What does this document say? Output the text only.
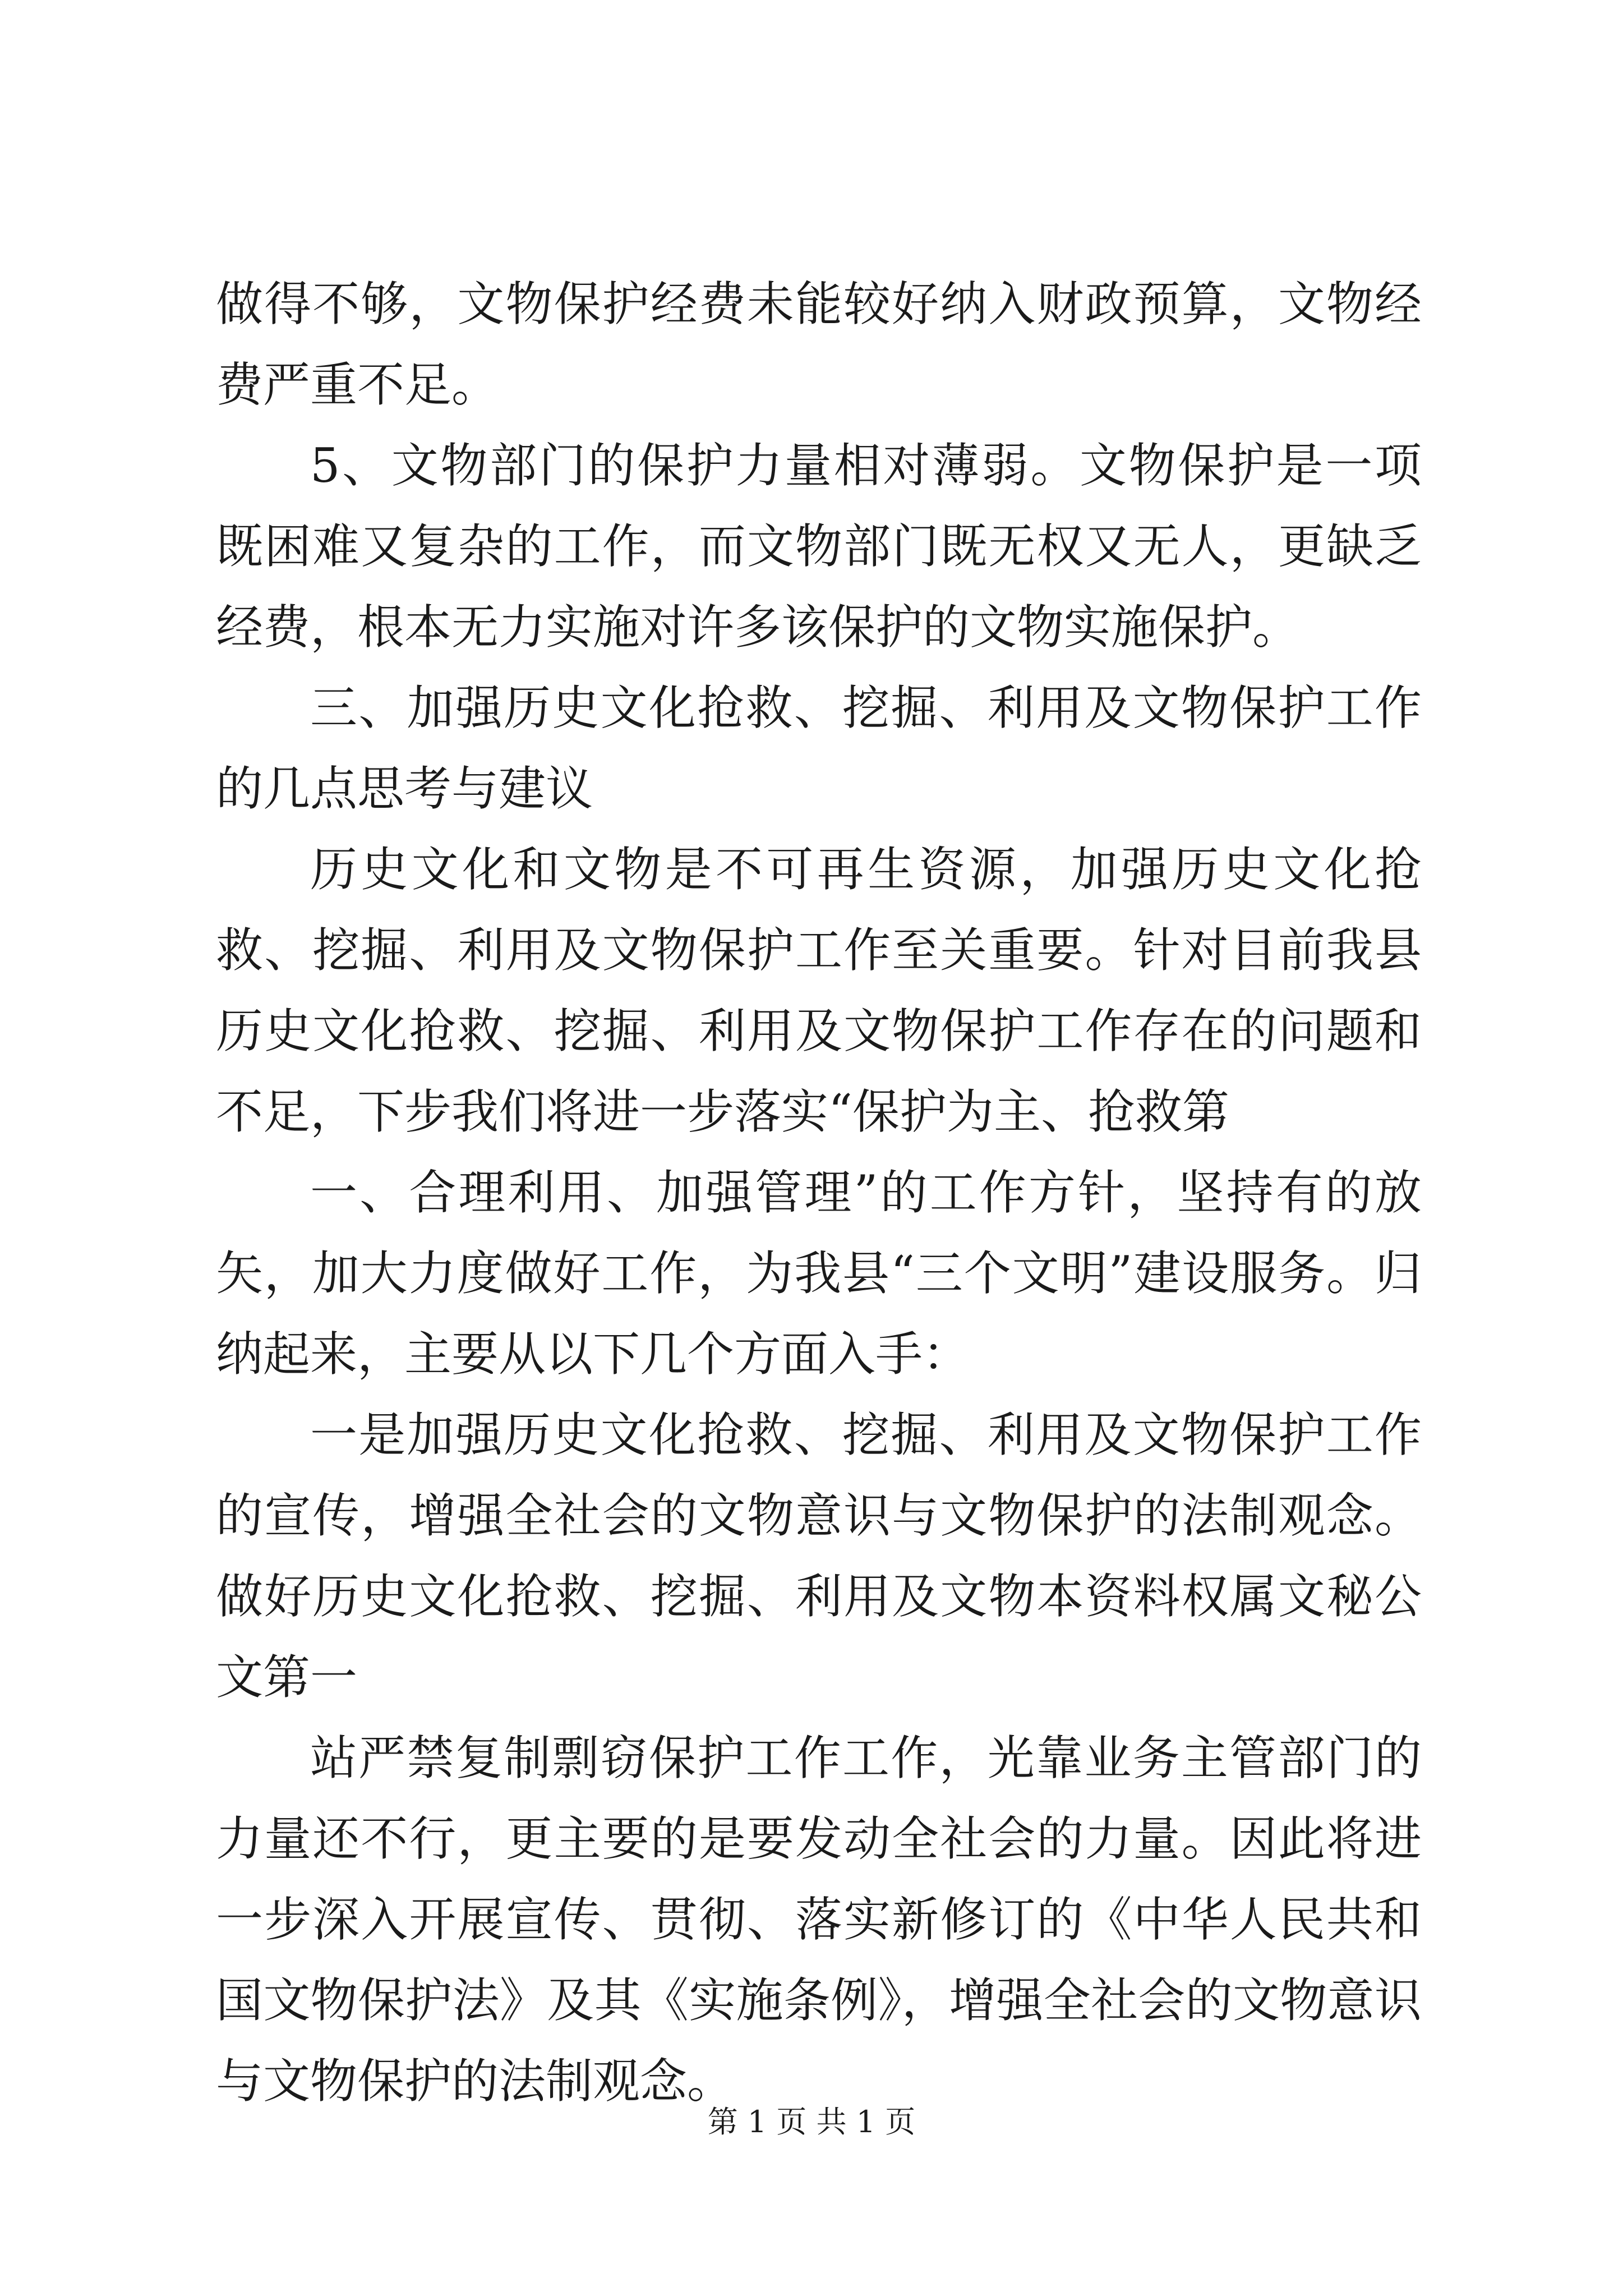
做得不够，文物保护经费未能较好纳入财政预算，文物经费严重不足。

5、文物部门的保护力量相对薄弱。文物保护是一项既困难又复杂的工作，而文物部门既无权又无人，更缺乏经费，根本无力实施对许多该保护的文物实施保护。

三、加强历史文化抢救、挖掘、利用及文物保护工作的几点思考与建议

历史文化和文物是不可再生资源，加强历史文化抢救、挖掘、利用及文物保护工作至关重要。针对目前我县历史文化抢救、挖掘、利用及文物保护工作存在的问题和不足，下步我们将进一步落实“保护为主、抢救第

一、合理利用、加强管理”的工作方针，坚持有的放矢，加大力度做好工作，为我县“三个文明”建设服务。归纳起来，主要从以下几个方面入手：

一是加强历史文化抢救、挖掘、利用及文物保护工作的宣传，增强全社会的文物意识与文物保护的法制观念。做好历史文化抢救、挖掘、利用及文物本资料权属文秘公文第一

站严禁复制剽窃保护工作工作，光靠业务主管部门的力量还不行，更主要的是要发动全社会的力量。因此将进一步深入开展宣传、贯彻、落实新修订的《中华人民共和国文物保护法》及其《实施条例》，增强全社会的文物意识与文物保护的法制观念。

第 1 页 共 1 页
